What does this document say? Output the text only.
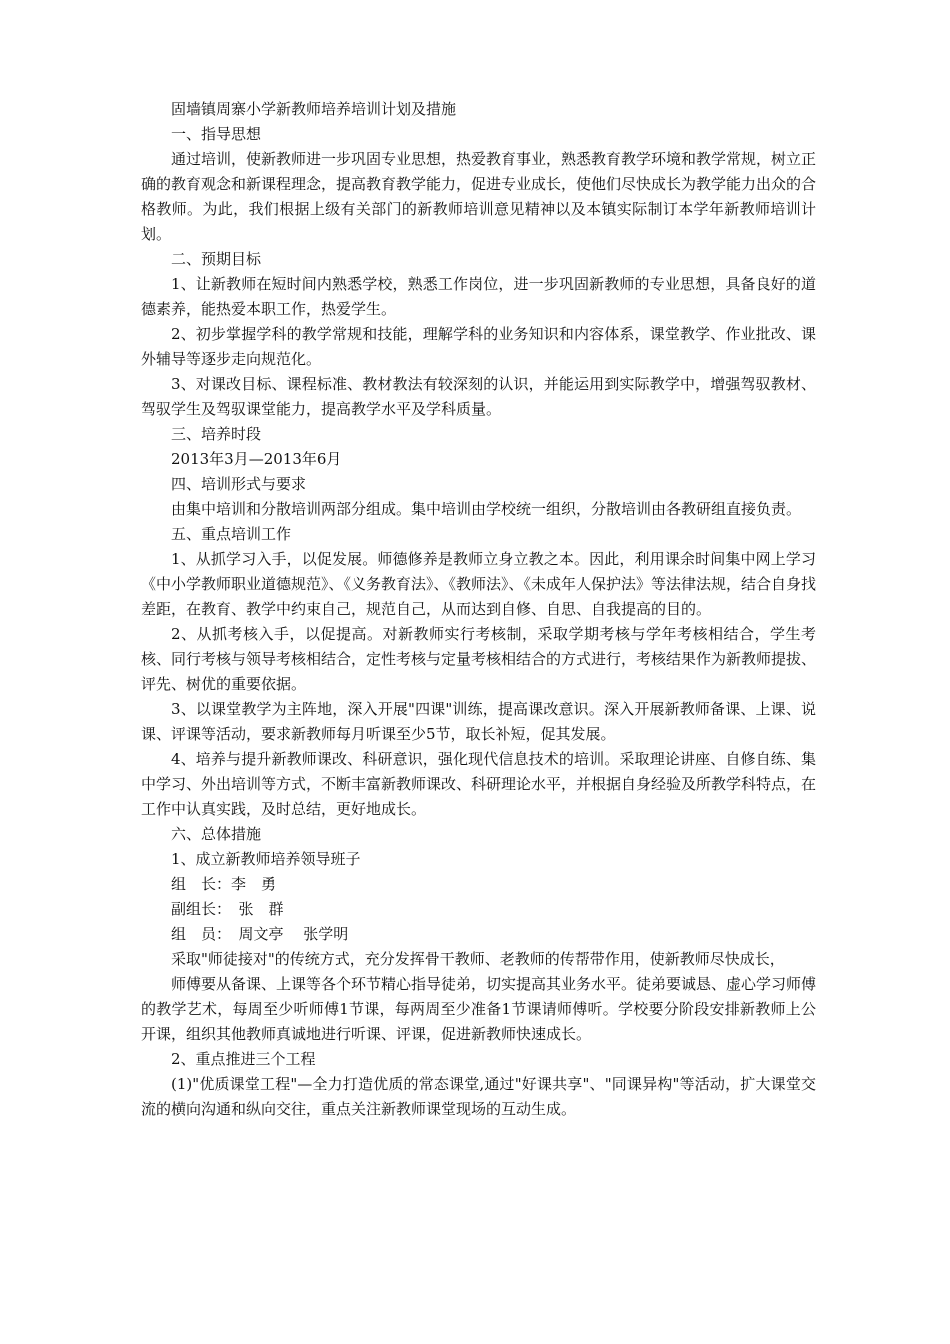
固墙镇周寨小学新教师培养培训计划及措施

一、指导思想

通过培训，使新教师进一步巩固专业思想，热爱教育事业，熟悉教育教学环境和教学常规，树立正确的教育观念和新课程理念，提高教育教学能力，促进专业成长，使他们尽快成长为教学能力出众的合格教师。为此，我们根据上级有关部门的新教师培训意见精神以及本镇实际制订本学年新教师培训计划。

二、预期目标

1、让新教师在短时间内熟悉学校，熟悉工作岗位，进一步巩固新教师的专业思想，具备良好的道德素养，能热爱本职工作，热爱学生。

2、初步掌握学科的教学常规和技能，理解学科的业务知识和内容体系，课堂教学、作业批改、课外辅导等逐步走向规范化。

3、对课改目标、课程标准、教材教法有较深刻的认识，并能运用到实际教学中，增强驾驭教材、驾驭学生及驾驭课堂能力，提高教学水平及学科质量。

三、培养时段

2013年3月—2013年6月

四、培训形式与要求

由集中培训和分散培训两部分组成。集中培训由学校统一组织，分散培训由各教研组直接负责。

五、重点培训工作

1、从抓学习入手，以促发展。师德修养是教师立身立教之本。因此，利用课余时间集中网上学习《中小学教师职业道德规范》、《义务教育法》、《教师法》、《未成年人保护法》等法律法规，结合自身找差距，在教育、教学中约束自己，规范自己，从而达到自修、自思、自我提高的目的。

2、从抓考核入手，以促提高。对新教师实行考核制，采取学期考核与学年考核相结合，学生考核、同行考核与领导考核相结合，定性考核与定量考核相结合的方式进行，考核结果作为新教师提拔、评先、树优的重要依据。

3、以课堂教学为主阵地，深入开展"四课"训练，提高课改意识。深入开展新教师备课、上课、说课、评课等活动，要求新教师每月听课至少5节，取长补短，促其发展。

4、培养与提升新教师课改、科研意识，强化现代信息技术的培训。采取理论讲座、自修自练、集中学习、外出培训等方式，不断丰富新教师课改、科研理论水平，并根据自身经验及所教学科特点，在工作中认真实践，及时总结，更好地成长。

六、总体措施

1、成立新教师培养领导班子

组　长：李　勇

副组长：　张　群

组　员：　周文亭　 张学明

采取"师徒接对"的传统方式，充分发挥骨干教师、老教师的传帮带作用，使新教师尽快成长，

师傅要从备课、上课等各个环节精心指导徒弟，切实提高其业务水平。徒弟要诚恳、虚心学习师傅的教学艺术，每周至少听师傅1节课，每两周至少准备1节课请师傅听。学校要分阶段安排新教师上公开课，组织其他教师真诚地进行听课、评课，促进新教师快速成长。

2、重点推进三个工程

(1)"优质课堂工程"—全力打造优质的常态课堂,通过"好课共享"、"同课异构"等活动，扩大课堂交流的横向沟通和纵向交往，重点关注新教师课堂现场的互动生成。
